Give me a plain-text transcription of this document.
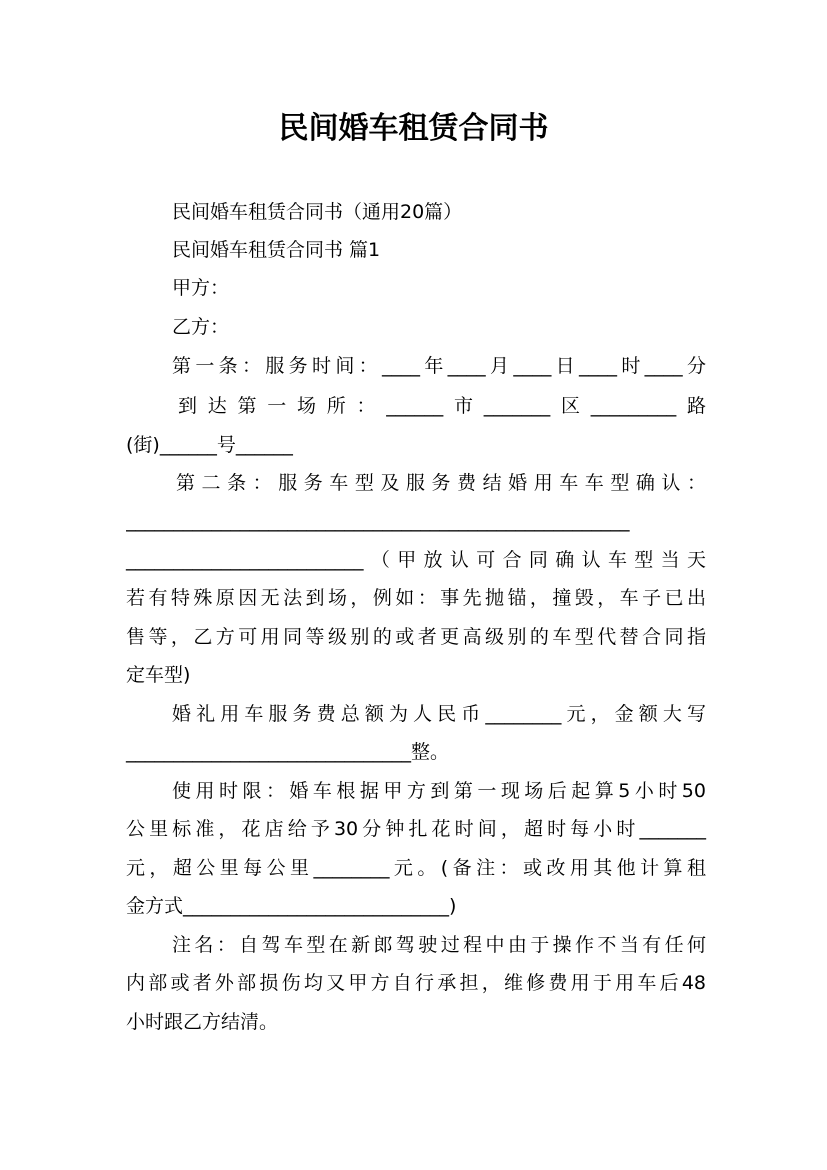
民间婚车租赁合同书
民间婚车租赁合同书（通用20篇）
民间婚车租赁合同书 篇1
甲方：
乙方：
第一条：服务时间：____年____月____日____时____分
到达第一场所：______市_______区_________路
(街)______号______
第二条：服务车型及服务费结婚用车车型确认：
_____________________________________________________
_________________________（甲放认可合同确认车型当天
若有特殊原因无法到场，例如：事先抛锚，撞毁，车子已出
售等，乙方可用同等级别的或者更高级别的车型代替合同指
定车型)
婚礼用车服务费总额为人民币________元，金额大写
______________________________整。
使用时限：婚车根据甲方到第一现场后起算5小时50
公里标准，花店给予30分钟扎花时间，超时每小时_______
元，超公里每公里________元。(备注：或改用其他计算租
金方式____________________________)
注名：自驾车型在新郎驾驶过程中由于操作不当有任何
内部或者外部损伤均又甲方自行承担，维修费用于用车后48
小时跟乙方结清。
